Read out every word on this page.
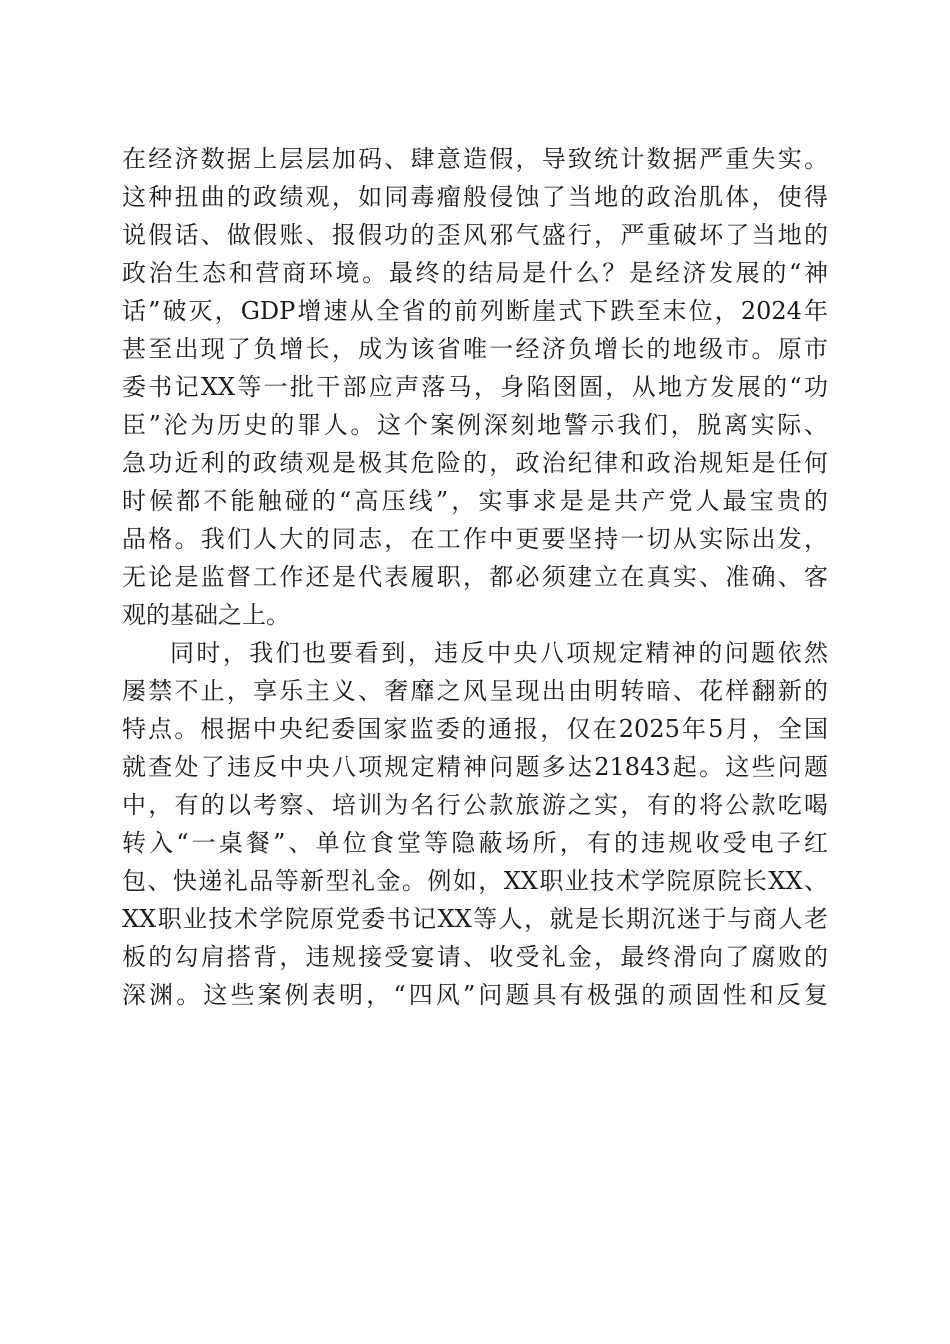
在经济数据上层层加码、肆意造假，导致统计数据严重失实。
这种扭曲的政绩观，如同毒瘤般侵蚀了当地的政治肌体，使得
说假话、做假账、报假功的歪风邪气盛行，严重破坏了当地的
政治生态和营商环境。最终的结局是什么？是经济发展的“神
话”破灭，GDP增速从全省的前列断崖式下跌至末位，2024年
甚至出现了负增长，成为该省唯一经济负增长的地级市。原市
委书记XX等一批干部应声落马，身陷囹圄，从地方发展的“功
臣”沦为历史的罪人。这个案例深刻地警示我们，脱离实际、
急功近利的政绩观是极其危险的，政治纪律和政治规矩是任何
时候都不能触碰的“高压线”，实事求是是共产党人最宝贵的
品格。我们人大的同志，在工作中更要坚持一切从实际出发，
无论是监督工作还是代表履职，都必须建立在真实、准确、客
观的基础之上。
同时，我们也要看到，违反中央八项规定精神的问题依然
屡禁不止，享乐主义、奢靡之风呈现出由明转暗、花样翻新的
特点。根据中央纪委国家监委的通报，仅在2025年5月，全国
就查处了违反中央八项规定精神问题多达21843起。这些问题
中，有的以考察、培训为名行公款旅游之实，有的将公款吃喝
转入“一桌餐”、单位食堂等隐蔽场所，有的违规收受电子红
包、快递礼品等新型礼金。例如，XX职业技术学院原院长XX、
XX职业技术学院原党委书记XX等人，就是长期沉迷于与商人老
板的勾肩搭背，违规接受宴请、收受礼金，最终滑向了腐败的
深渊。这些案例表明，“四风”问题具有极强的顽固性和反复
